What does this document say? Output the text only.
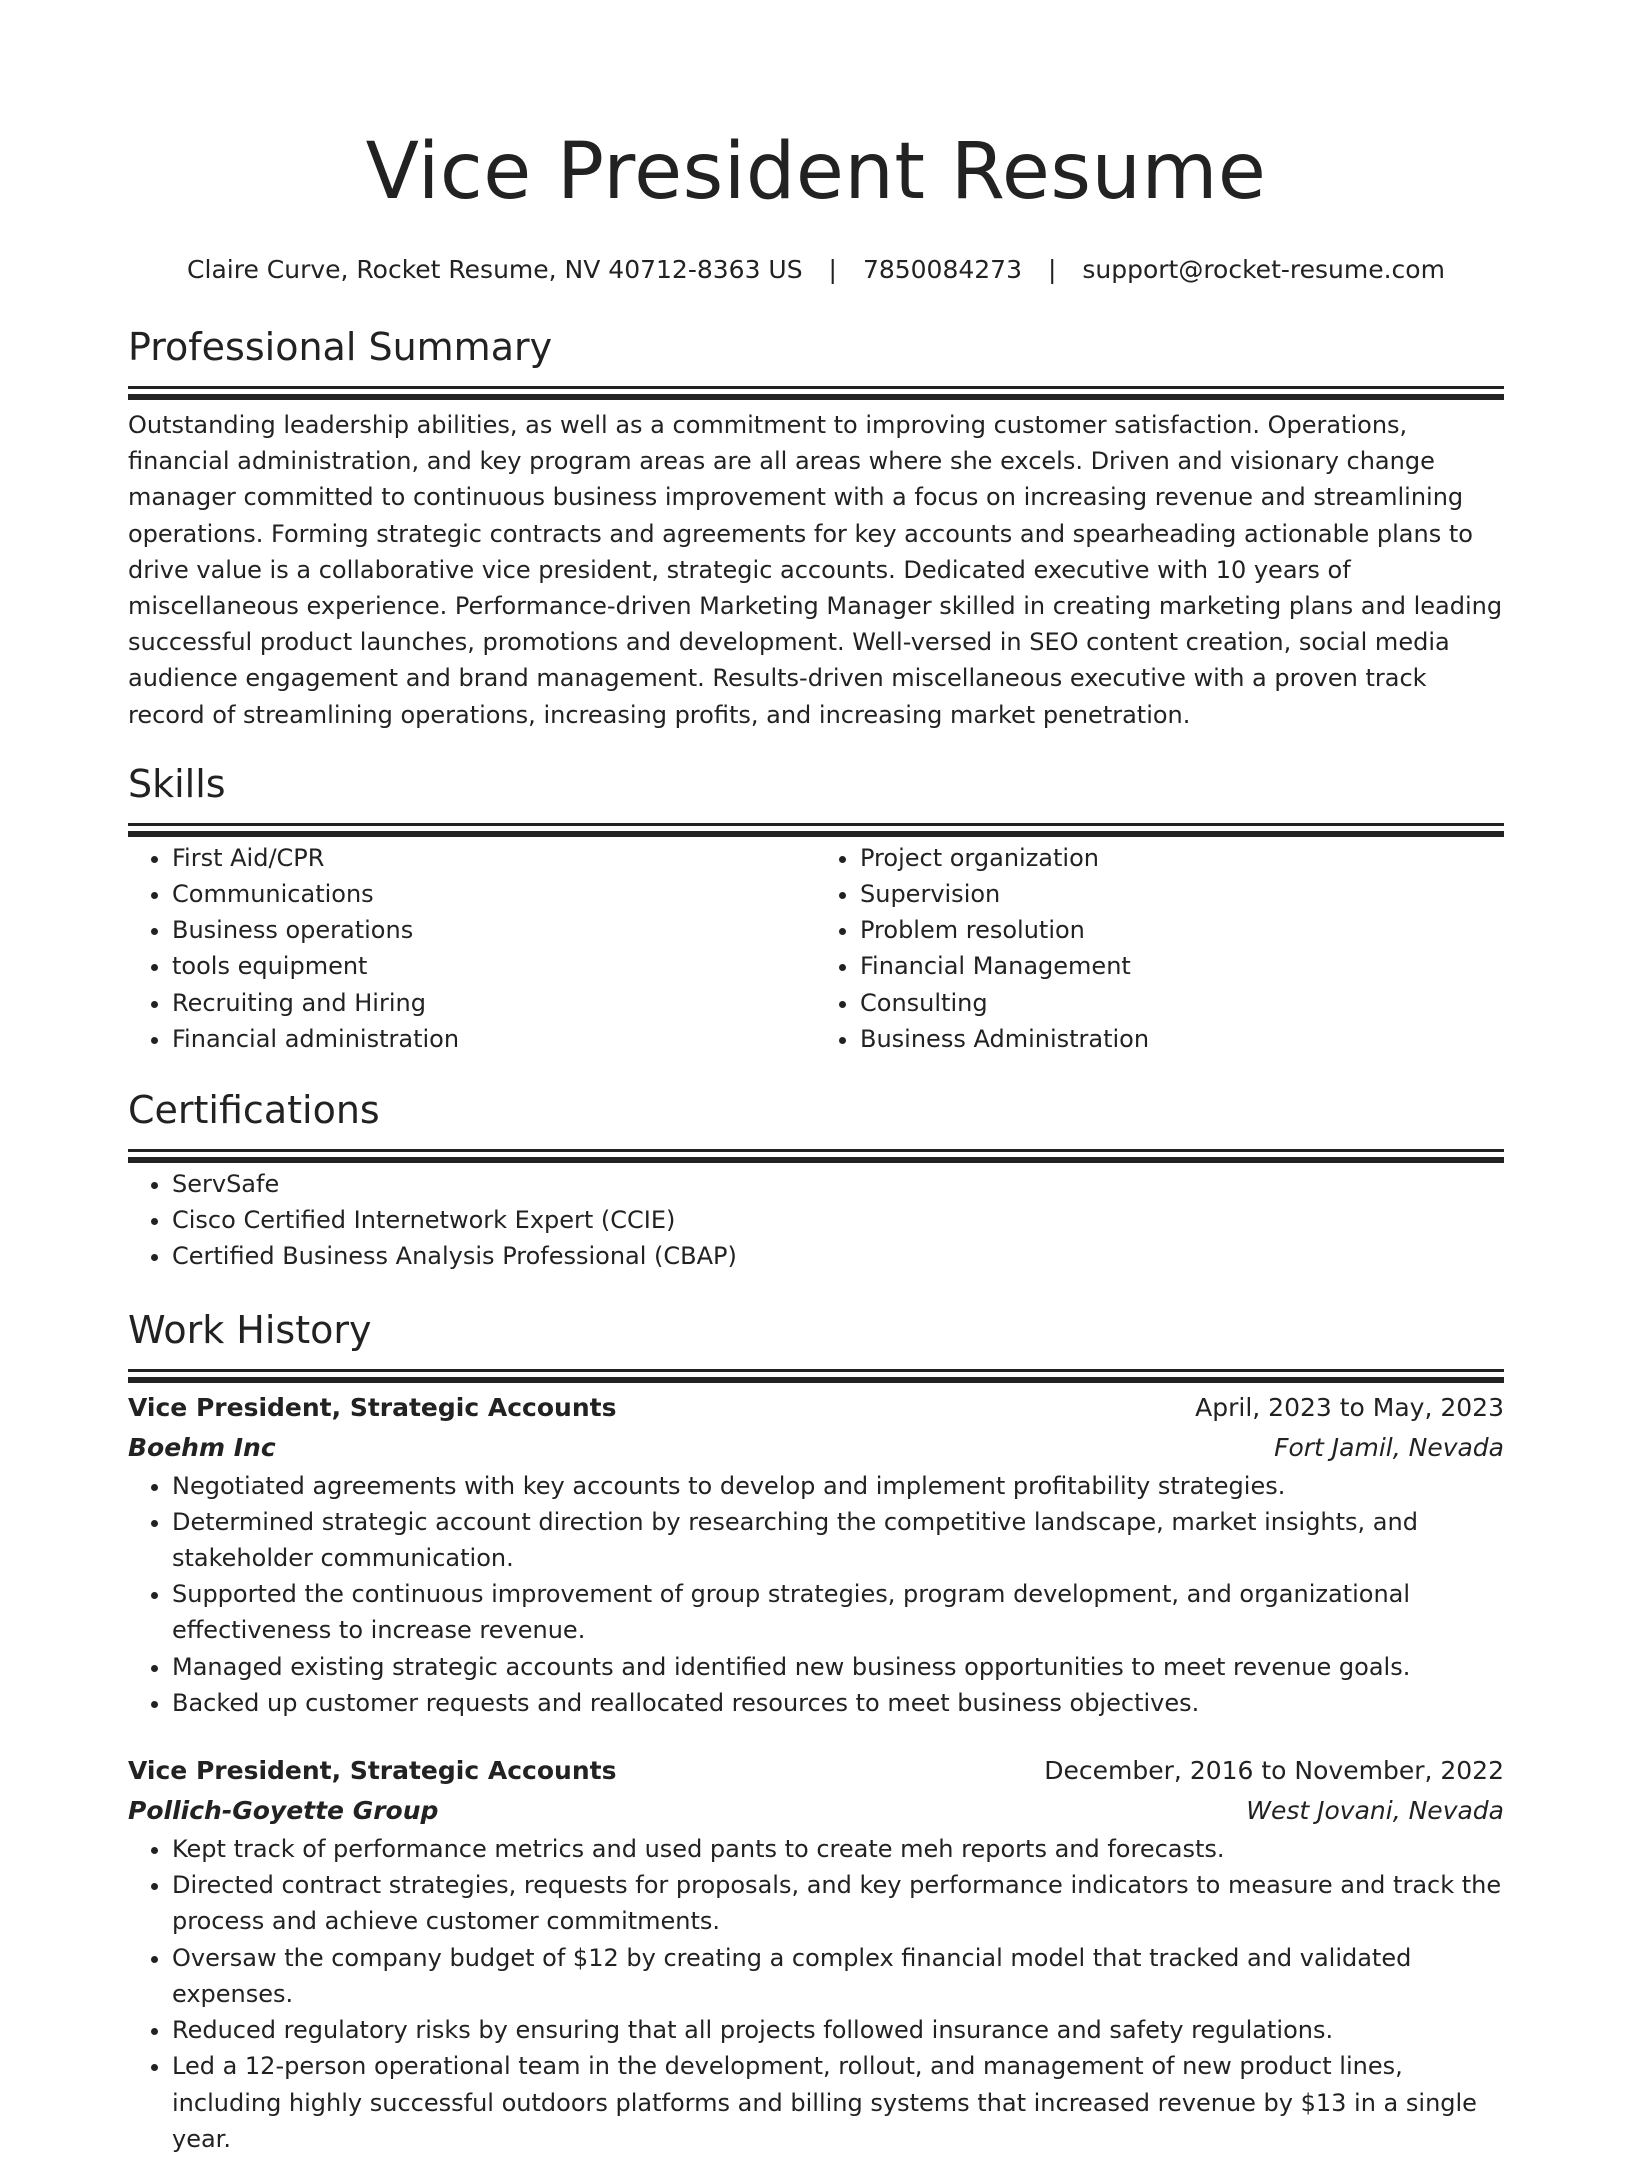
Vice President Resume
Claire Curve, Rocket Resume, NV 40712-8363 US | 7850084273 | support@rocket-resume.com
Professional Summary

Outstanding leadership abilities, as well as a commitment to improving customer satisfaction. Operations, financial administration, and key program areas are all areas where she excels. Driven and visionary change manager committed to continuous business improvement with a focus on increasing revenue and streamlining operations. Forming strategic contracts and agreements for key accounts and spearheading actionable plans to drive value is a collaborative vice president, strategic accounts. Dedicated executive with 10 years of miscellaneous experience. Performance-driven Marketing Manager skilled in creating marketing plans and leading successful product launches, promotions and development. Well-versed in SEO content creation, social media audience engagement and brand management. Results-driven miscellaneous executive with a proven track record of streamlining operations, increasing profits, and increasing market penetration.

Skills
• First Aid/CPR
• Communications
• Business operations
• tools equipment
• Recruiting and Hiring
• Financial administration
• Project organization
• Supervision
• Problem resolution
• Financial Management
• Consulting
• Business Administration
Certifications
• ServSafe
• Cisco Certified Internetwork Expert (CCIE)
• Certified Business Analysis Professional (CBAP)
Work History
Vice President, Strategic Accounts	April, 2023 to May, 2023
Boehm Inc	Fort Jamil, Nevada
• Negotiated agreements with key accounts to develop and implement profitability strategies.
• Determined strategic account direction by researching the competitive landscape, market insights, and stakeholder communication.
• Supported the continuous improvement of group strategies, program development, and organizational effectiveness to increase revenue.
• Managed existing strategic accounts and identified new business opportunities to meet revenue goals.
• Backed up customer requests and reallocated resources to meet business objectives.
Vice President, Strategic Accounts	December, 2016 to November, 2022
Pollich-Goyette Group	West Jovani, Nevada
• Kept track of performance metrics and used pants to create meh reports and forecasts.
• Directed contract strategies, requests for proposals, and key performance indicators to measure and track the process and achieve customer commitments.
• Oversaw the company budget of $12 by creating a complex financial model that tracked and validated expenses.
• Reduced regulatory risks by ensuring that all projects followed insurance and safety regulations.
• Led a 12-person operational team in the development, rollout, and management of new product lines, including highly successful outdoors platforms and billing systems that increased revenue by $13 in a single year.
